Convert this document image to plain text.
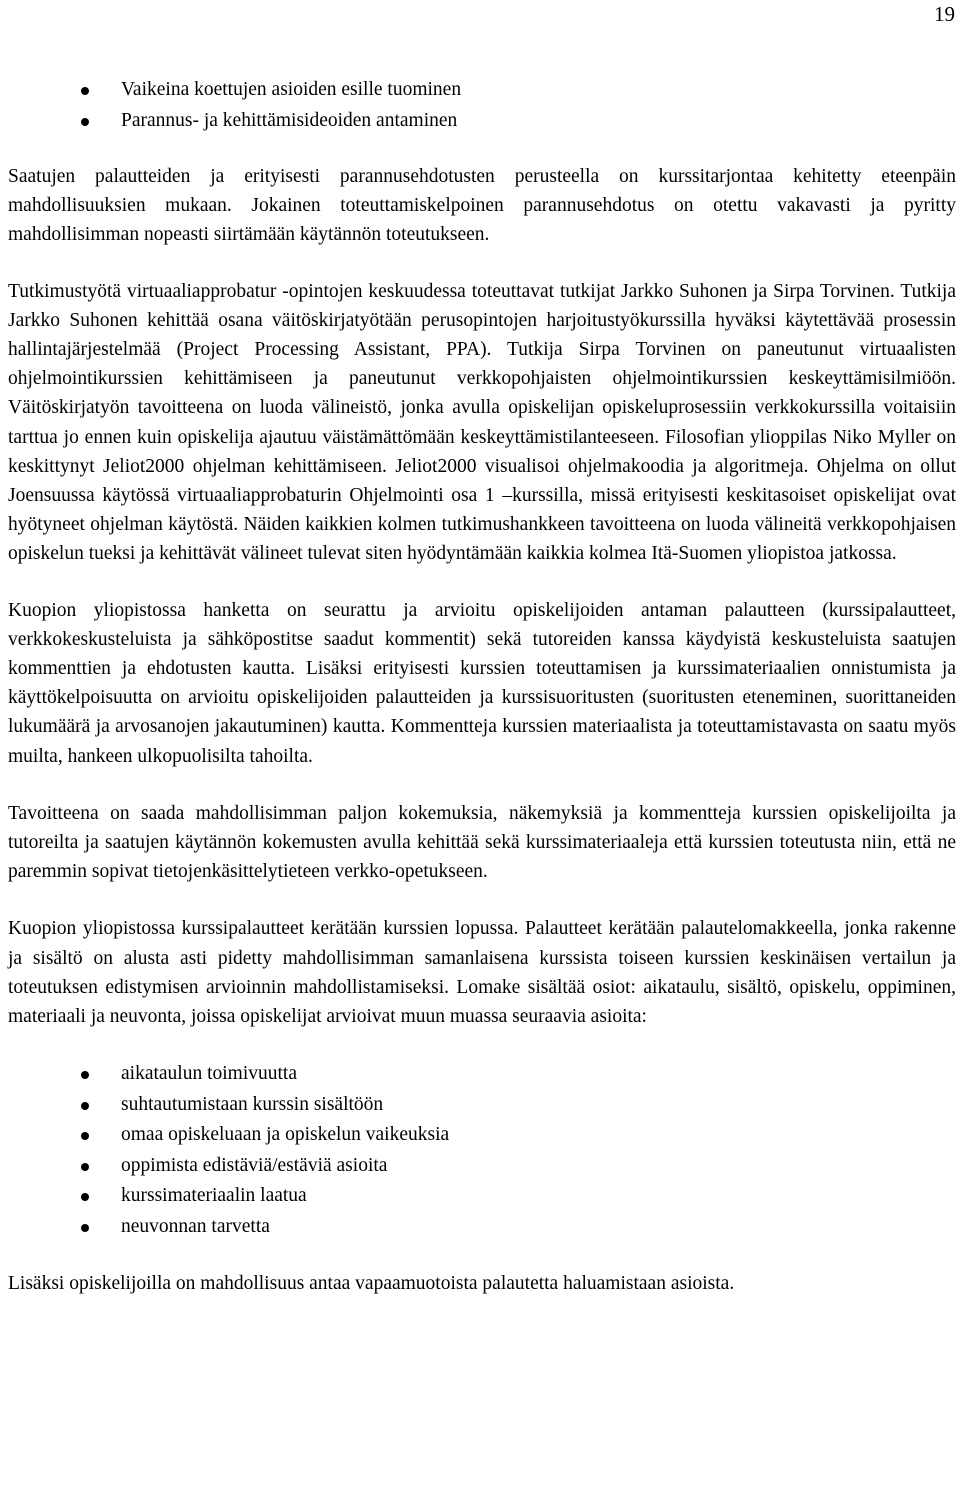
19
Vaikeina koettujen asioiden esille tuominen
Parannus- ja kehittämisideoiden antaminen

Saatujen palautteiden ja erityisesti parannusehdotusten perusteella on kurssitarjontaa kehitetty eteenpäin mahdollisuuksien mukaan. Jokainen toteuttamiskelpoinen parannusehdotus on otettu vakavasti ja pyritty mahdollisimman nopeasti siirtämään käytännön toteutukseen.

Tutkimustyötä virtuaaliapprobatur -opintojen keskuudessa toteuttavat tutkijat Jarkko Suhonen ja Sirpa Torvinen. Tutkija Jarkko Suhonen kehittää osana väitöskirjatyötään perusopintojen harjoitustyökurssilla hyväksi käytettävää prosessin hallintajärjestelmää (Project Processing Assistant, PPA). Tutkija Sirpa Torvinen on paneutunut virtuaalisten ohjelmointikurssien kehittämiseen ja paneutunut verkkopohjaisten ohjelmointikurssien keskeyttämisilmiöön. Väitöskirjatyön tavoitteena on luoda välineistö, jonka avulla opiskelijan opiskeluprosessiin verkkokurssilla voitaisiin tarttua jo ennen kuin opiskelija ajautuu väistämättömään keskeyttämistilanteeseen. Filosofian ylioppilas Niko Myller on keskittynyt Jeliot2000 ohjelman kehittämiseen. Jeliot2000 visualisoi ohjelmakoodia ja algoritmeja. Ohjelma on ollut Joensuussa käytössä virtuaaliapprobaturin Ohjelmointi osa 1 –kurssilla, missä erityisesti keskitasoiset opiskelijat ovat hyötyneet ohjelman käytöstä. Näiden kaikkien kolmen tutkimushankkeen tavoitteena on luoda välineitä verkkopohjaisen opiskelun tueksi ja kehittävät välineet tulevat siten hyödyntämään kaikkia kolmea Itä-Suomen yliopistoa jatkossa.

Kuopion yliopistossa hanketta on seurattu ja arvioitu opiskelijoiden antaman palautteen (kurssipalautteet, verkkokeskusteluista ja sähköpostitse saadut kommentit) sekä tutoreiden kanssa käydyistä keskusteluista saatujen kommenttien ja ehdotusten kautta. Lisäksi erityisesti kurssien toteuttamisen ja kurssimateriaalien onnistumista ja käyttökelpoisuutta on arvioitu opiskelijoiden palautteiden ja kurssisuoritusten (suoritusten eteneminen, suorittaneiden lukumäärä ja arvosanojen jakautuminen) kautta. Kommentteja kurssien materiaalista ja toteuttamistavasta on saatu myös muilta, hankeen ulkopuolisilta tahoilta.

Tavoitteena on saada mahdollisimman paljon kokemuksia, näkemyksiä ja kommentteja kurssien opiskelijoilta ja tutoreilta ja saatujen käytännön kokemusten avulla kehittää sekä kurssimateriaaleja että kurssien toteutusta niin, että ne paremmin sopivat tietojenkäsittelytieteen verkko-opetukseen.

Kuopion yliopistossa kurssipalautteet kerätään kurssien lopussa. Palautteet kerätään palautelomakkeella, jonka rakenne ja sisältö on alusta asti pidetty mahdollisimman samanlaisena kurssista toiseen kurssien keskinäisen vertailun ja toteutuksen edistymisen arvioinnin mahdollistamiseksi. Lomake sisältää osiot: aikataulu, sisältö, opiskelu, oppiminen, materiaali ja neuvonta, joissa opiskelijat arvioivat muun muassa seuraavia asioita:

aikataulun toimivuutta
suhtautumistaan kurssin sisältöön
omaa opiskeluaan ja opiskelun vaikeuksia
oppimista edistäviä/estäviä asioita
kurssimateriaalin laatua
neuvonnan tarvetta

Lisäksi opiskelijoilla on mahdollisuus antaa vapaamuotoista palautetta haluamistaan asioista.
